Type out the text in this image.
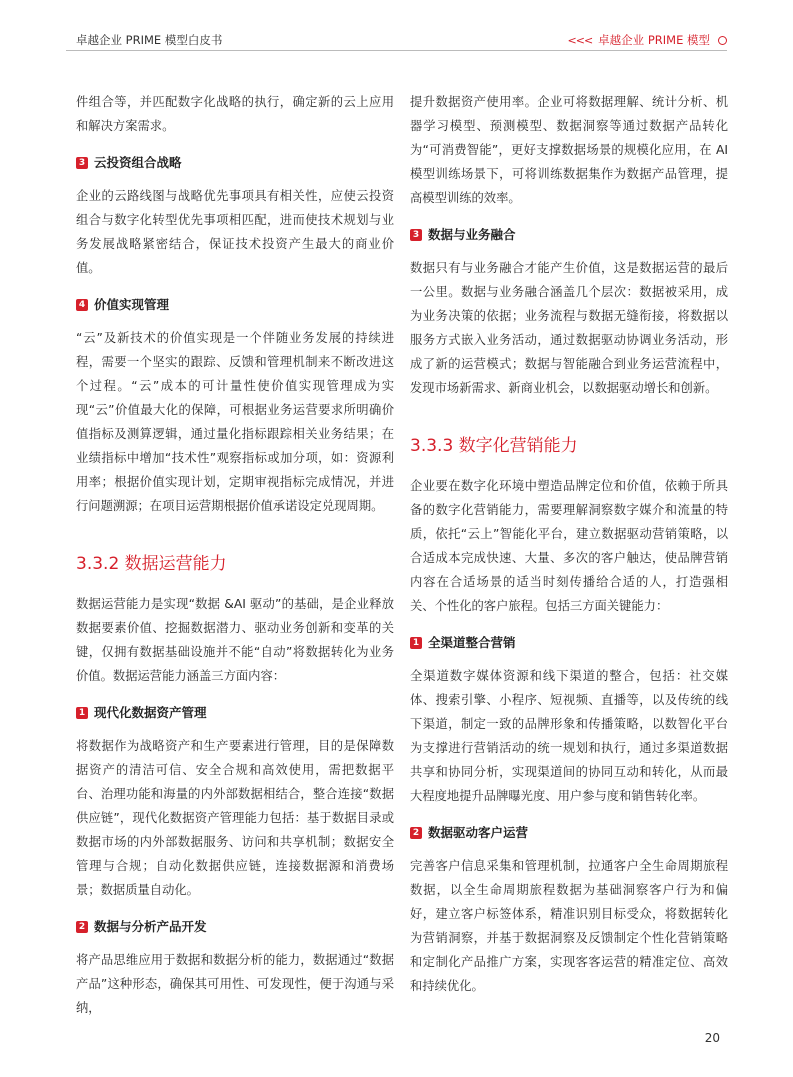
卓越企业 PRIME 模型白皮书	<<< 卓越企业 PRIME 模型

件组合等，并匹配数字化战略的执行，确定新的云上应用和解决方案需求。

3 云投资组合战略

企业的云路线图与战略优先事项具有相关性，应使云投资组合与数字化转型优先事项相匹配，进而使技术规划与业务发展战略紧密结合，保证技术投资产生最大的商业价值。

4 价值实现管理

“云”及新技术的价值实现是一个伴随业务发展的持续进程，需要一个坚实的跟踪、反馈和管理机制来不断改进这个过程。“云”成本的可计量性使价值实现管理成为实现“云”价值最大化的保障，可根据业务运营要求所明确价值指标及测算逻辑，通过量化指标跟踪相关业务结果；在业绩指标中增加“技术性”观察指标或加分项，如：资源利用率；根据价值实现计划，定期审视指标完成情况，并进行问题溯源；在项目运营期根据价值承诺设定兑现周期。

3.3.2 数据运营能力

数据运营能力是实现“数据 &AI 驱动”的基础，是企业释放数据要素价值、挖掘数据潜力、驱动业务创新和变革的关键，仅拥有数据基础设施并不能“自动”将数据转化为业务价值。数据运营能力涵盖三方面内容：

1 现代化数据资产管理

将数据作为战略资产和生产要素进行管理，目的是保障数据资产的清洁可信、安全合规和高效使用，需把数据平台、治理功能和海量的内外部数据相结合，整合连接“数据供应链”，现代化数据资产管理能力包括：基于数据目录或数据市场的内外部数据服务、访问和共享机制；数据安全管理与合规；自动化数据供应链，连接数据源和消费场景；数据质量自动化。

2 数据与分析产品开发

将产品思维应用于数据和数据分析的能力，数据通过“数据产品”这种形态，确保其可用性、可发现性，便于沟通与采纳，

提升数据资产使用率。企业可将数据理解、统计分析、机器学习模型、预测模型、数据洞察等通过数据产品转化为“可消费智能”，更好支撑数据场景的规模化应用，在 AI 模型训练场景下，可将训练数据集作为数据产品管理，提高模型训练的效率。

3 数据与业务融合

数据只有与业务融合才能产生价值，这是数据运营的最后一公里。数据与业务融合涵盖几个层次：数据被采用，成为业务决策的依据；业务流程与数据无缝衔接，将数据以服务方式嵌入业务活动，通过数据驱动协调业务活动，形成了新的运营模式；数据与智能融合到业务运营流程中，发现市场新需求、新商业机会，以数据驱动增长和创新。

3.3.3 数字化营销能力

企业要在数字化环境中塑造品牌定位和价值，依赖于所具备的数字化营销能力，需要理解洞察数字媒介和流量的特质，依托“云上”智能化平台，建立数据驱动营销策略，以合适成本完成快速、大量、多次的客户触达，使品牌营销内容在合适场景的适当时刻传播给合适的人，打造强相关、个性化的客户旅程。包括三方面关键能力：

1 全渠道整合营销

全渠道数字媒体资源和线下渠道的整合，包括：社交媒体、搜索引擎、小程序、短视频、直播等，以及传统的线下渠道，制定一致的品牌形象和传播策略，以数智化平台为支撑进行营销活动的统一规划和执行，通过多渠道数据共享和协同分析，实现渠道间的协同互动和转化，从而最大程度地提升品牌曝光度、用户参与度和销售转化率。

2 数据驱动客户运营

完善客户信息采集和管理机制，拉通客户全生命周期旅程数据，以全生命周期旅程数据为基础洞察客户行为和偏好，建立客户标签体系，精准识别目标受众，将数据转化为营销洞察，并基于数据洞察及反馈制定个性化营销策略和定制化产品推广方案，实现客客运营的精准定位、高效和持续优化。

20
